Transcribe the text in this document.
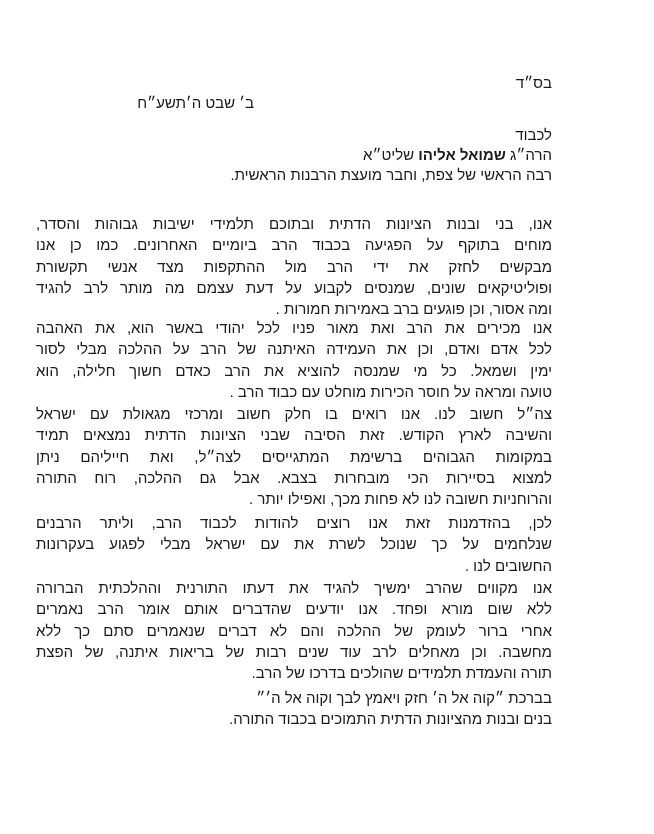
בס״ד
ב׳ שבט ה׳תשע״ח
לכבוד
הרה״ג שמואל אליהו שליט״א
רבה הראשי של צפת, וחבר מועצת הרבנות הראשית.
אנו, בני ובנות הציונות הדתית ובתוכם תלמידי ישיבות גבוהות והסדר,
מוחים בתוקף על הפגיעה בכבוד הרב ביומיים האחרונים. כמו כן אנו
מבקשים לחזק את ידי הרב מול ההתקפות מצד אנשי תקשורת
ופוליטיקאים שונים, שמנסים לקבוע על דעת עצמם מה מותר לרב להגיד
ומה אסור, וכן פוגעים ברב באמירות חמורות .
אנו מכירים את הרב ואת מאור פניו לכל יהודי באשר הוא, את האהבה
לכל אדם ואדם, וכן את העמידה האיתנה של הרב על ההלכה מבלי לסור
ימין ושמאל. כל מי שמנסה להוציא את הרב כאדם חשוך חלילה, הוא
טועה ומראה על חוסר הכירות מוחלט עם כבוד הרב .
צה״ל חשוב לנו. אנו רואים בו חלק חשוב ומרכזי מגאולת עם ישראל
והשיבה לארץ הקודש. זאת הסיבה שבני הציונות הדתית נמצאים תמיד
במקומות הגבוהים ברשימת המתגייסים לצה״ל, ואת חייליהם ניתן
למצוא בסיירות הכי מובחרות בצבא. אבל גם ההלכה, רוח התורה
והרוחניות חשובה לנו לא פחות מכך, ואפילו יותר .
לכן, בהזדמנות זאת אנו רוצים להודות לכבוד הרב, וליתר הרבנים
שנלחמים על כך שנוכל לשרת את עם ישראל מבלי לפגוע בעקרונות
החשובים לנו .
אנו מקווים שהרב ימשיך להגיד את דעתו התורנית וההלכתית הברורה
ללא שום מורא ופחד. אנו יודעים שהדברים אותם אומר הרב נאמרים
אחרי ברור לעומק של ההלכה והם לא דברים שנאמרים סתם כך ללא
מחשבה. וכן מאחלים לרב עוד שנים רבות של בריאות איתנה, של הפצת
תורה והעמדת תלמידים שהולכים בדרכו של הרב.
בברכת ״קוה אל ה׳ חזק ויאמץ לבך וקוה אל ה׳״
בנים ובנות מהציונות הדתית התמוכים בכבוד התורה.
